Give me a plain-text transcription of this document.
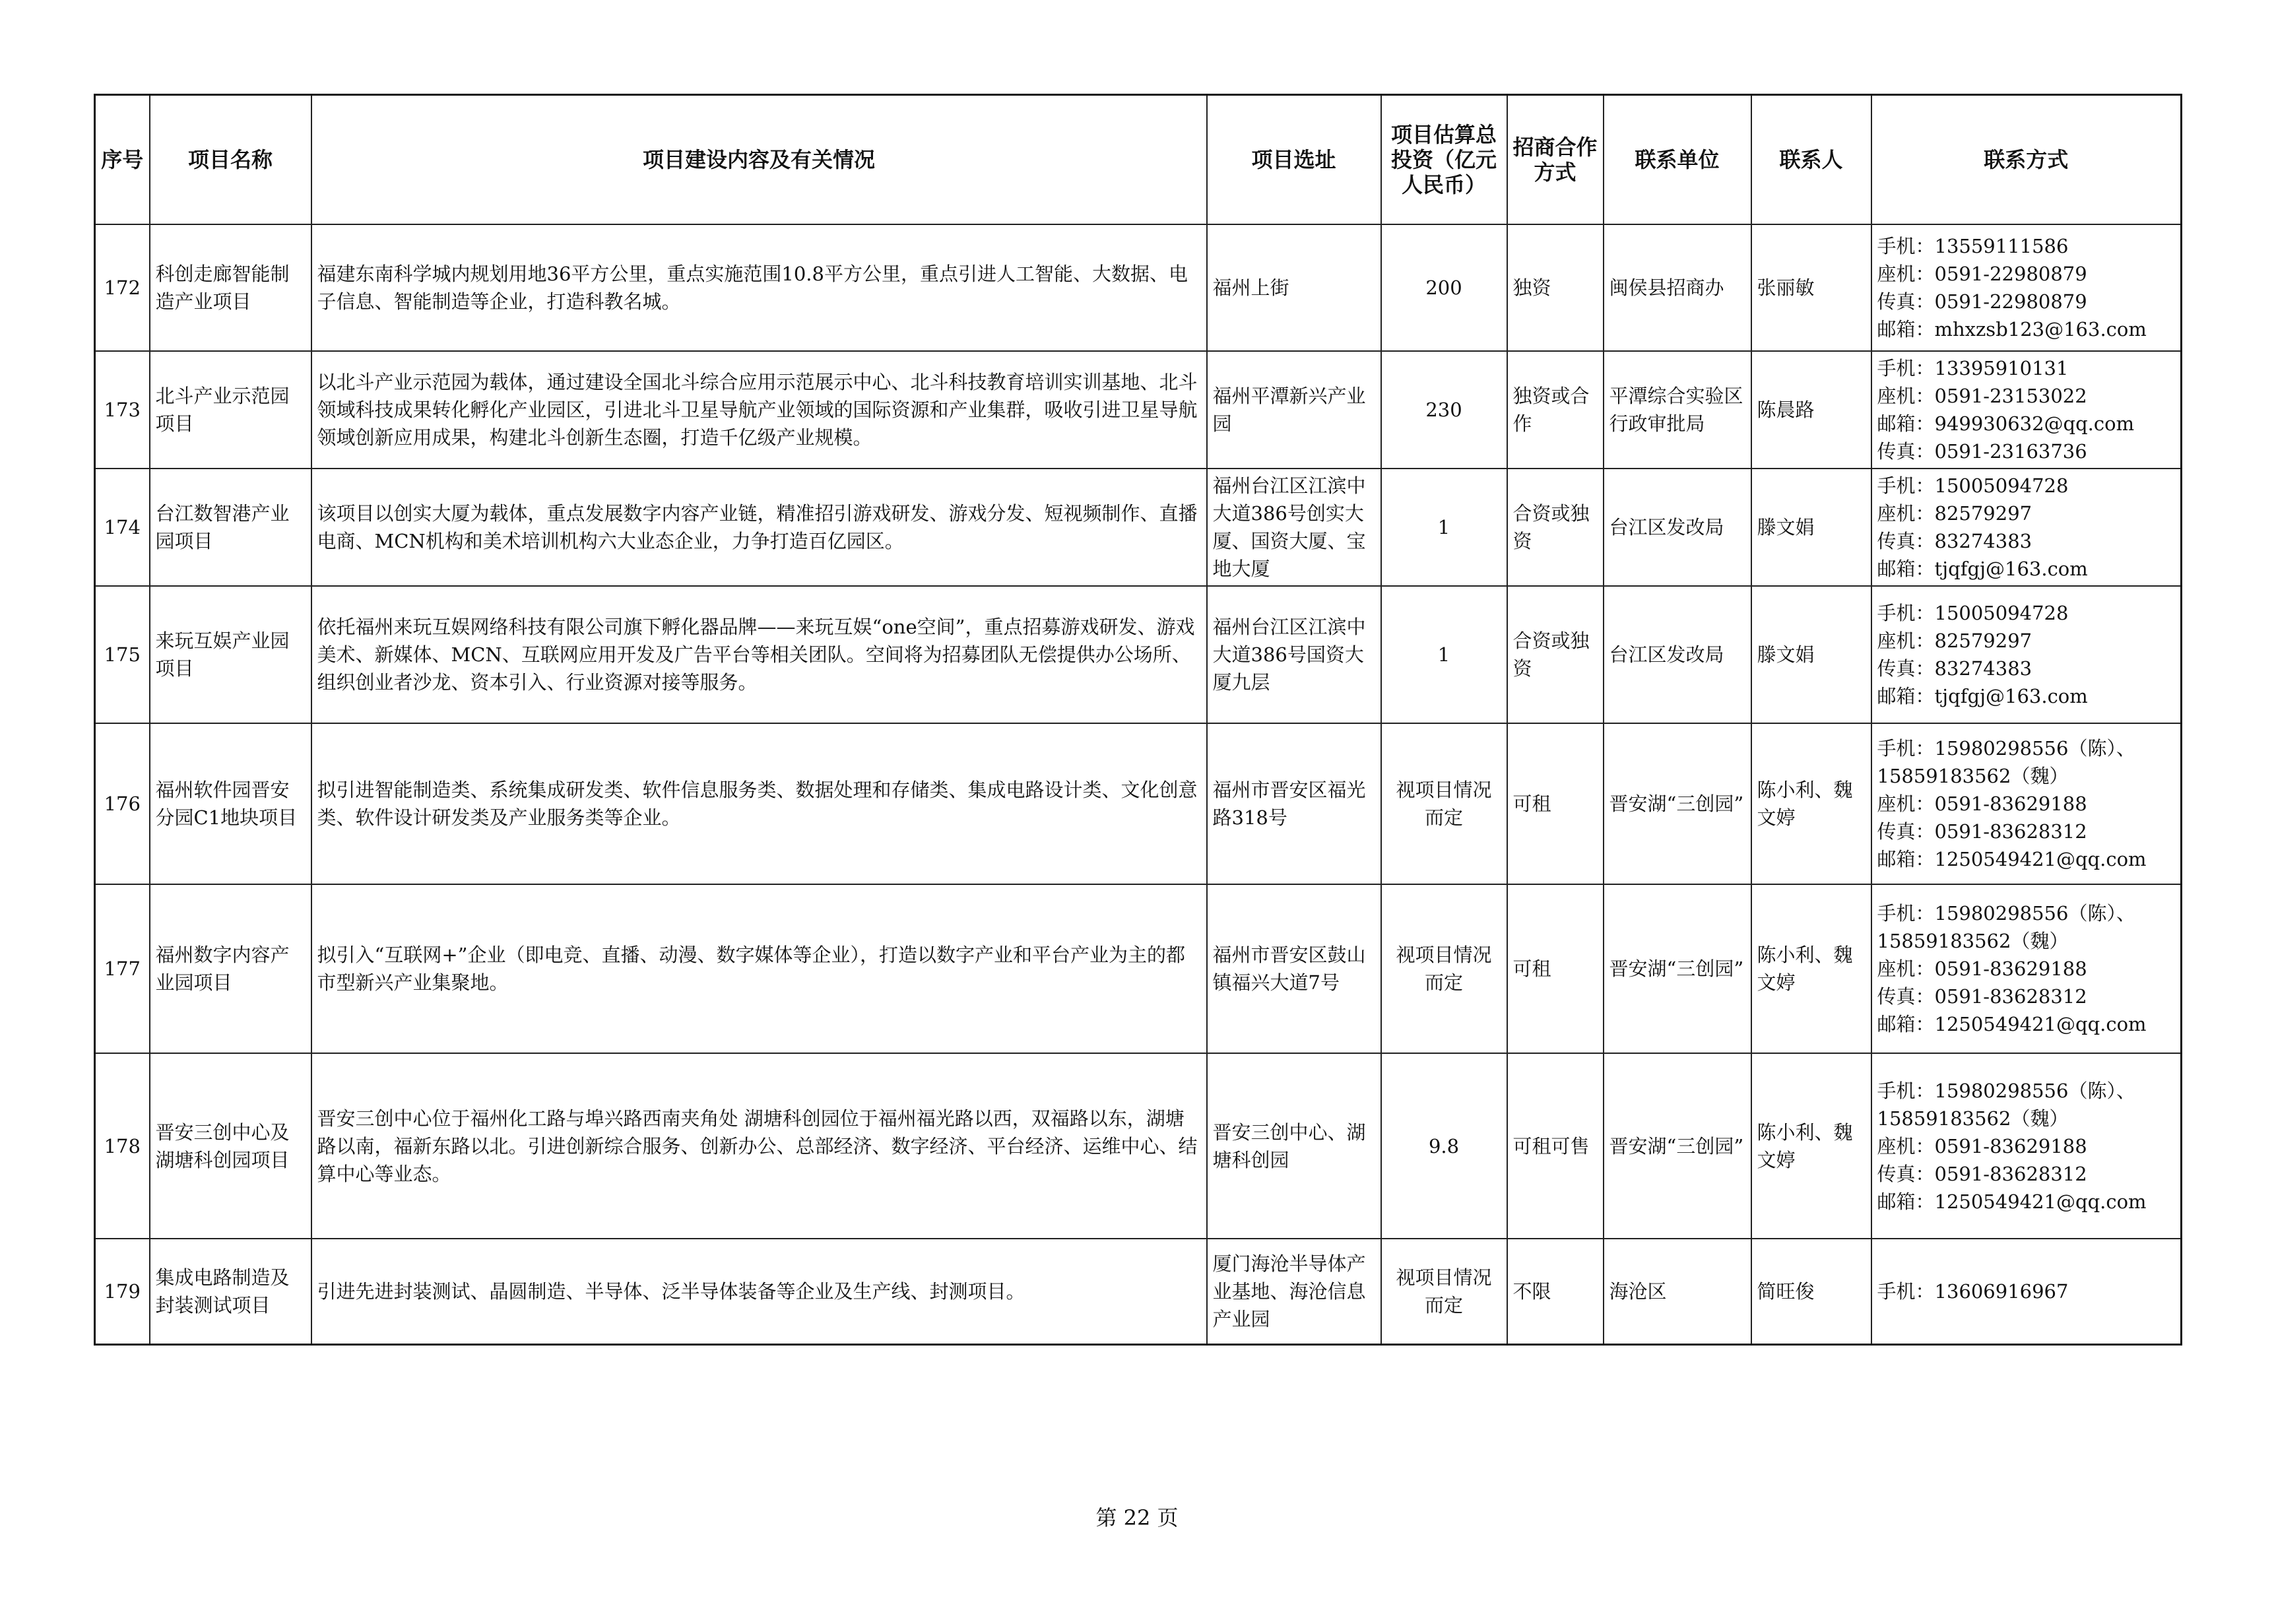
序号	项目名称	项目建设内容及有关情况	项目选址	项目估算总投资（亿元人民币）	招商合作方式	联系单位	联系人	联系方式
172	科创走廊智能制造产业项目	福建东南科学城内规划用地36平方公里，重点实施范围10.8平方公里，重点引进人工智能、大数据、电子信息、智能制造等企业，打造科教名城。	福州上街	200	独资	闽侯县招商办	张丽敏	手机：13559111586
座机：0591-22980879
传真：0591-22980879
邮箱：mhxzsb123@163.com

173	北斗产业示范园项目	以北斗产业示范园为载体，通过建设全国北斗综合应用示范展示中心、北斗科技教育培训实训基地、北斗领域科技成果转化孵化产业园区，引进北斗卫星导航产业领域的国际资源和产业集群，吸收引进卫星导航领域创新应用成果，构建北斗创新生态圈，打造千亿级产业规模。	福州平潭新兴产业园	230	独资或合作	平潭综合实验区行政审批局	陈晨路	手机：13395910131
座机：0591-23153022
邮箱：949930632@qq.com
传真：0591-23163736

174	台江数智港产业园项目	该项目以创实大厦为载体，重点发展数字内容产业链，精准招引游戏研发、游戏分发、短视频制作、直播电商、MCN机构和美术培训机构六大业态企业，力争打造百亿园区。	福州台江区江滨中大道386号创实大厦、国资大厦、宝地大厦	1	合资或独资	台江区发改局	滕文娟	手机：15005094728
座机：82579297
传真：83274383
邮箱：tjqfgj@163.com

175	来玩互娱产业园项目	依托福州来玩互娱网络科技有限公司旗下孵化器品牌——来玩互娱“one空间”，重点招募游戏研发、游戏美术、新媒体、MCN、互联网应用开发及广告平台等相关团队。空间将为招募团队无偿提供办公场所、组织创业者沙龙、资本引入、行业资源对接等服务。	福州台江区江滨中大道386号国资大厦九层	1	合资或独资	台江区发改局	滕文娟	手机：15005094728
座机：82579297
传真：83274383
邮箱：tjqfgj@163.com

176	福州软件园晋安分园C1地块项目	拟引进智能制造类、系统集成研发类、软件信息服务类、数据处理和存储类、集成电路设计类、文化创意类、软件设计研发类及产业服务类等企业。	福州市晋安区福光路318号	视项目情况而定	可租	晋安湖“三创园”	陈小利、魏文婷	手机：15980298556（陈）、
15859183562（魏）
座机：0591-83629188
传真：0591-83628312
邮箱：1250549421@qq.com

177	福州数字内容产业园项目	拟引入“互联网+”企业（即电竞、直播、动漫、数字媒体等企业），打造以数字产业和平台产业为主的都市型新兴产业集聚地。	福州市晋安区鼓山镇福兴大道7号	视项目情况而定	可租	晋安湖“三创园”	陈小利、魏文婷	手机：15980298556（陈）、
15859183562（魏）
座机：0591-83629188
传真：0591-83628312
邮箱：1250549421@qq.com

178	晋安三创中心及湖塘科创园项目	晋安三创中心位于福州化工路与埠兴路西南夹角处 湖塘科创园位于福州福光路以西，双福路以东，湖塘路以南，福新东路以北。引进创新综合服务、创新办公、总部经济、数字经济、平台经济、运维中心、结算中心等业态。	晋安三创中心、湖塘科创园	9.8	可租可售	晋安湖“三创园”	陈小利、魏文婷	手机：15980298556（陈）、
15859183562（魏）
座机：0591-83629188
传真：0591-83628312
邮箱：1250549421@qq.com

179	集成电路制造及封装测试项目	引进先进封装测试、晶圆制造、半导体、泛半导体装备等企业及生产线、封测项目。	厦门海沧半导体产业基地、海沧信息产业园	视项目情况而定	不限	海沧区	简旺俊	手机：13606916967
第 22 页
